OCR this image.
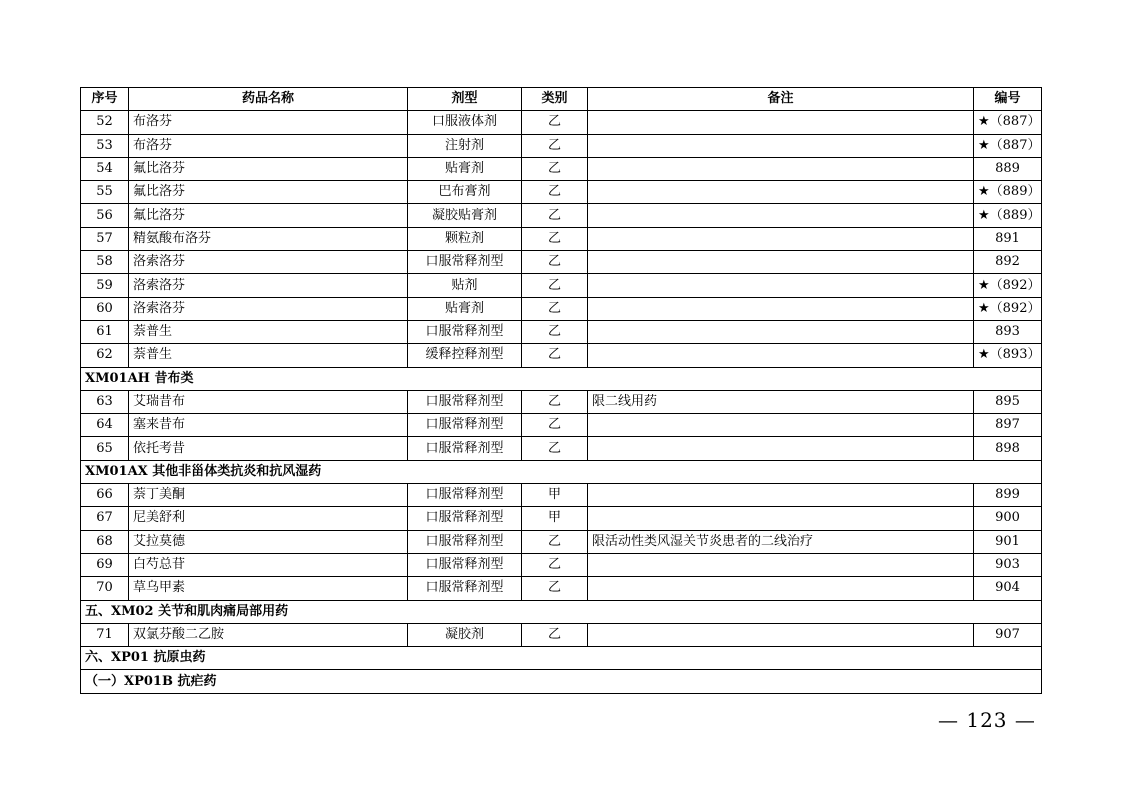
序号	药品名称	剂型	类别	备注	编号
52	布洛芬	口服液体剂	乙		★（887）
53	布洛芬	注射剂	乙		★（887）
54	氟比洛芬	贴膏剂	乙		889
55	氟比洛芬	巴布膏剂	乙		★（889）
56	氟比洛芬	凝胶贴膏剂	乙		★（889）
57	精氨酸布洛芬	颗粒剂	乙		891
58	洛索洛芬	口服常释剂型	乙		892
59	洛索洛芬	贴剂	乙		★（892）
60	洛索洛芬	贴膏剂	乙		★（892）
61	萘普生	口服常释剂型	乙		893
62	萘普生	缓释控释剂型	乙		★（893）
XM01AH 昔布类					
63	艾瑞昔布	口服常释剂型	乙	限二线用药	895
64	塞来昔布	口服常释剂型	乙		897
65	依托考昔	口服常释剂型	乙		898
XM01AX 其他非甾体类抗炎和抗风湿药					
66	萘丁美酮	口服常释剂型	甲		899
67	尼美舒利	口服常释剂型	甲		900
68	艾拉莫德	口服常释剂型	乙	限活动性类风湿关节炎患者的二线治疗	901
69	白芍总苷	口服常释剂型	乙		903
70	草乌甲素	口服常释剂型	乙		904
五、XM02 关节和肌肉痛局部用药					
71	双氯芬酸二乙胺	凝胶剂	乙		907
六、XP01 抗原虫药					
（一）XP01B 抗疟药					
— 123 —
